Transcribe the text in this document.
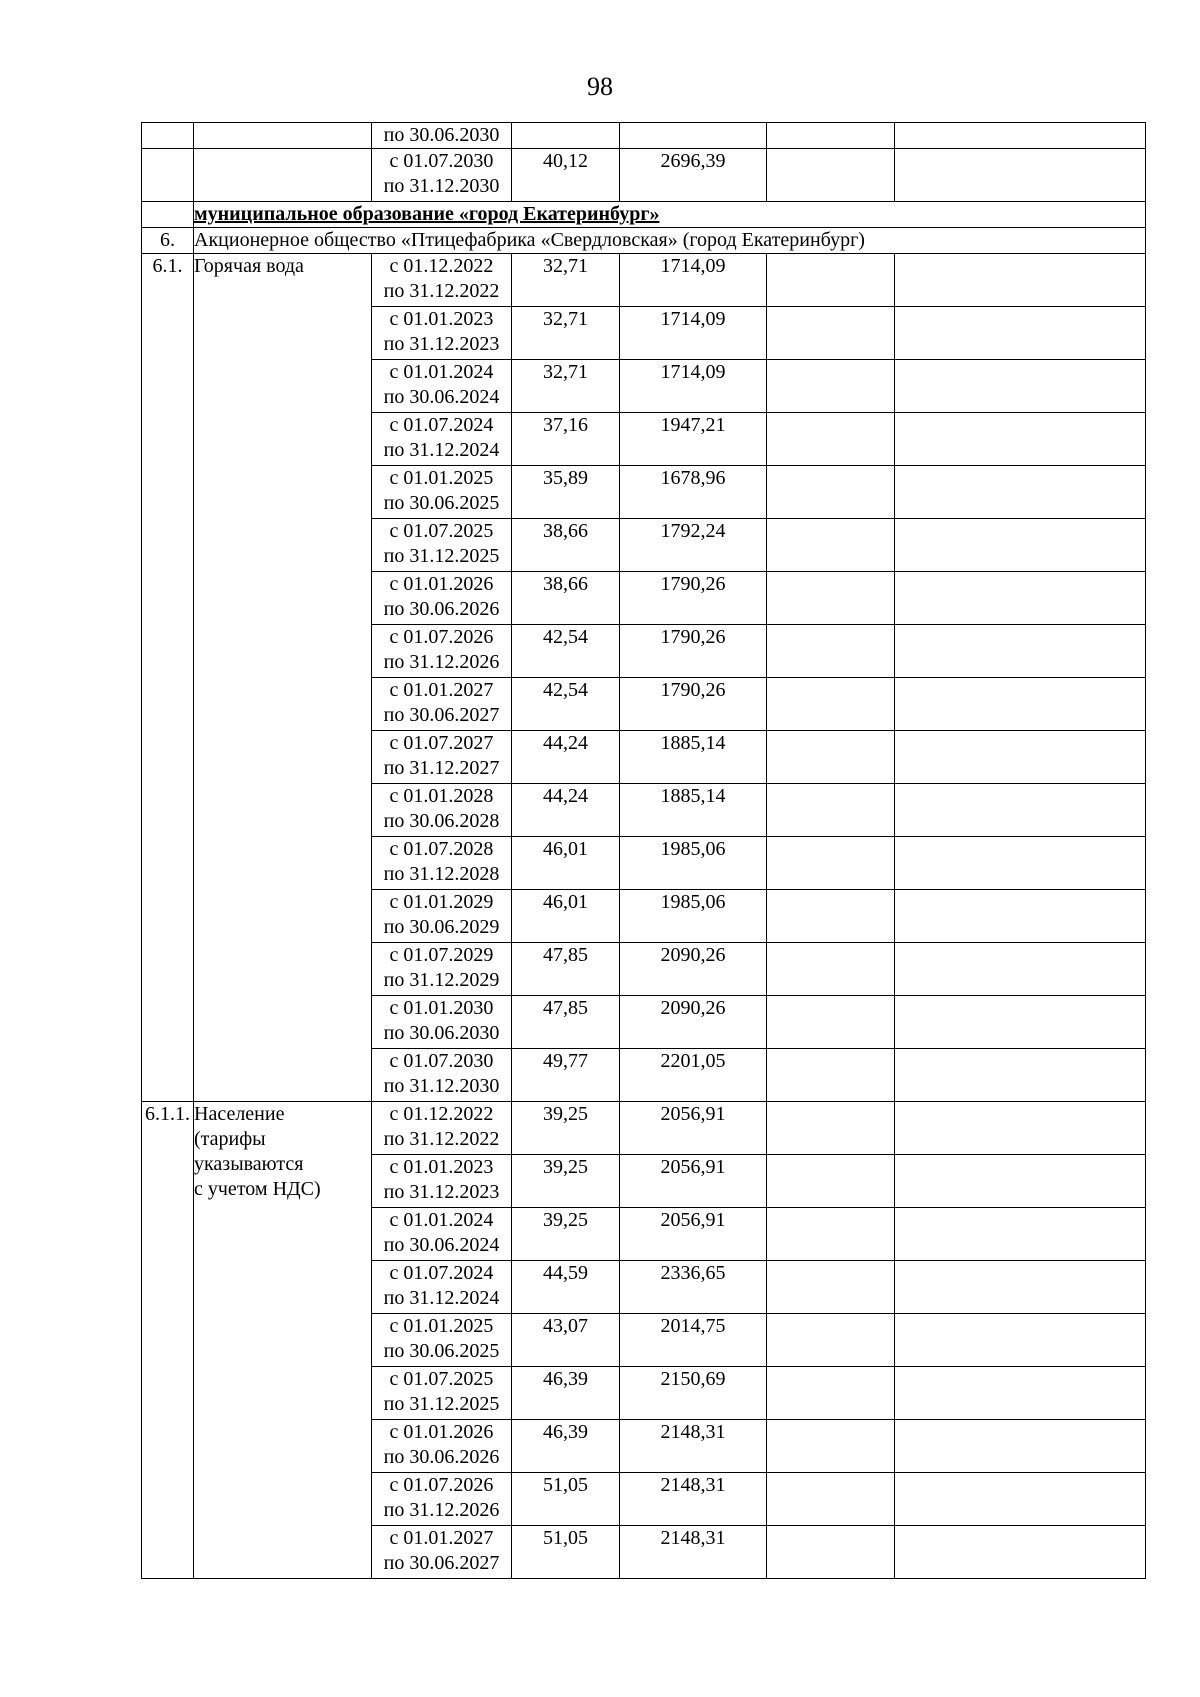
98
		по 30.06.2030				

		с 01.07.2030
по 31.12.2030	40,12	2696,39		
	муниципальное образование «город Екатеринбург»					
6.	Акционерное общество «Птицефабрика «Свердловская» (город Екатеринбург)					
6.1.	Горячая вода	с 01.12.2022
по 31.12.2022	32,71	1714,09		

		с 01.01.2023
по 31.12.2023	32,71	1714,09		

		с 01.01.2024
по 30.06.2024	32,71	1714,09		

		с 01.07.2024
по 31.12.2024	37,16	1947,21		

		с 01.01.2025
по 30.06.2025	35,89	1678,96		

		с 01.07.2025
по 31.12.2025	38,66	1792,24		

		с 01.01.2026
по 30.06.2026	38,66	1790,26		

		с 01.07.2026
по 31.12.2026	42,54	1790,26		

		с 01.01.2027
по 30.06.2027	42,54	1790,26		

		с 01.07.2027
по 31.12.2027	44,24	1885,14		

		с 01.01.2028
по 30.06.2028	44,24	1885,14		

		с 01.07.2028
по 31.12.2028	46,01	1985,06		

		с 01.01.2029
по 30.06.2029	46,01	1985,06		

		с 01.07.2029
по 31.12.2029	47,85	2090,26		

		с 01.01.2030
по 30.06.2030	47,85	2090,26		

		с 01.07.2030
по 31.12.2030	49,77	2201,05		
6.1.1.	Население
(тарифы
указываются
с учетом НДС)	с 01.12.2022
по 31.12.2022	39,25	2056,91		

		с 01.01.2023
по 31.12.2023	39,25	2056,91		

		с 01.01.2024
по 30.06.2024	39,25	2056,91		

		с 01.07.2024
по 31.12.2024	44,59	2336,65		

		с 01.01.2025
по 30.06.2025	43,07	2014,75		

		с 01.07.2025
по 31.12.2025	46,39	2150,69		

		с 01.01.2026
по 30.06.2026	46,39	2148,31		

		с 01.07.2026
по 31.12.2026	51,05	2148,31		

		с 01.01.2027
по 30.06.2027	51,05	2148,31		
